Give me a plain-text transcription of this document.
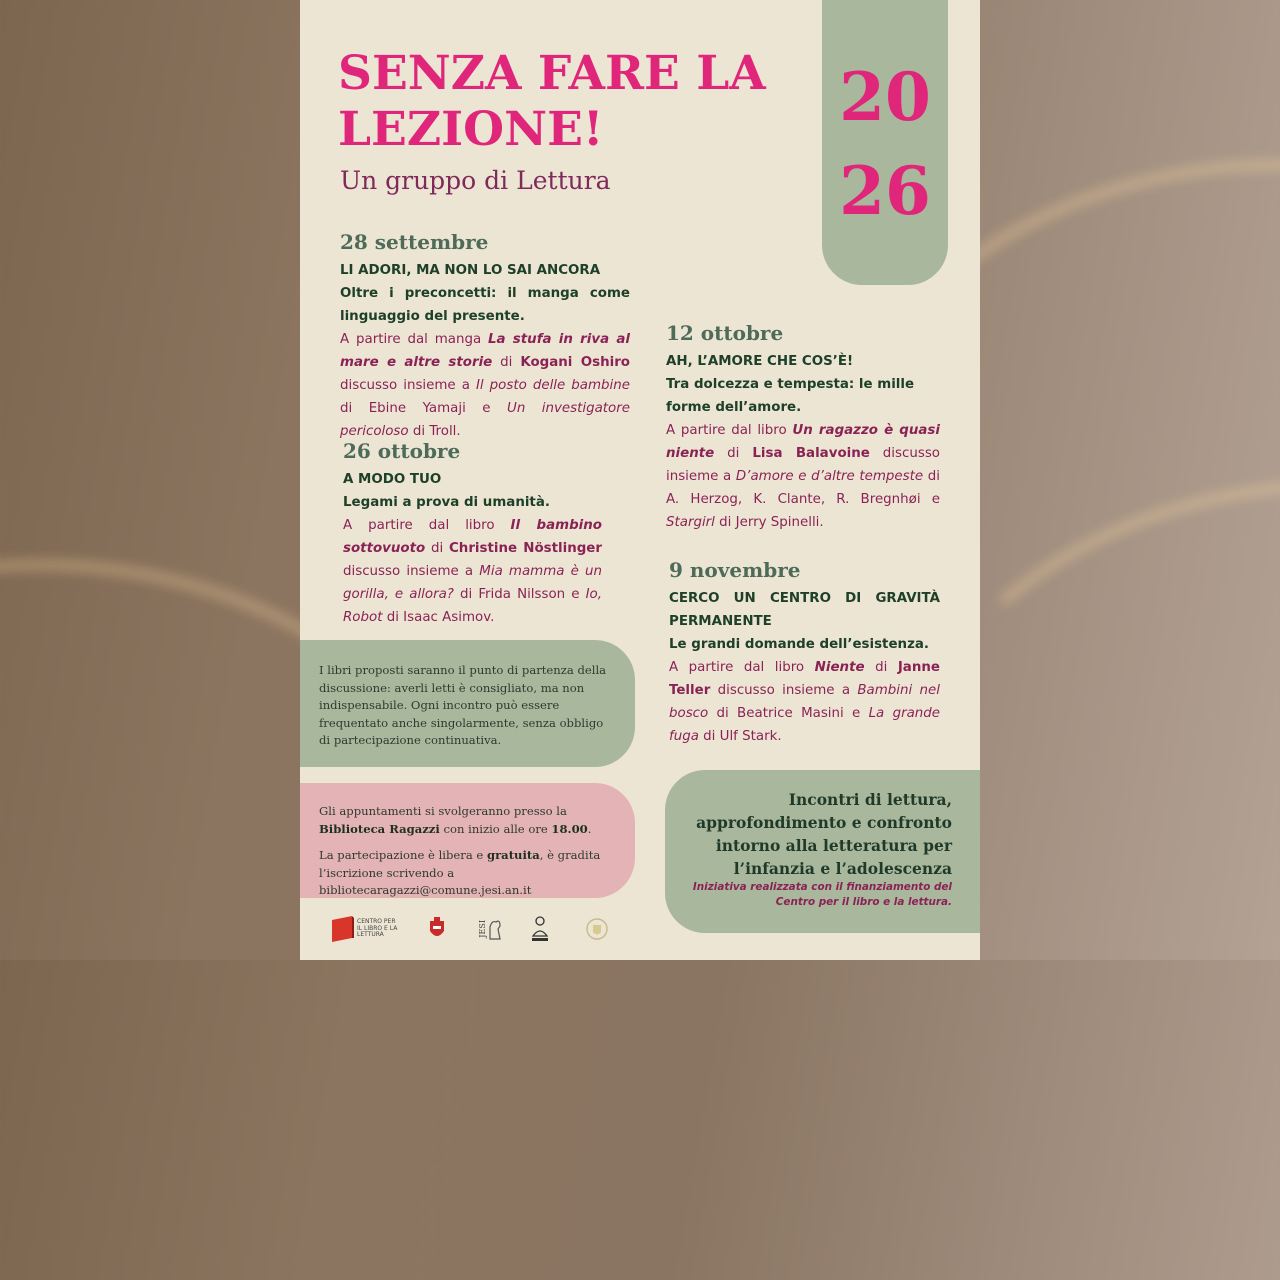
20
26
SENZA FARE LA LEZIONE!
Un gruppo di Lettura
28 settembre
LI ADORI, MA NON LO SAI ANCORA
Oltre i preconcetti: il manga come linguaggio del presente.
A partire dal manga La stufa in riva al mare e altre storie di Kogani Oshiro discusso insieme a Il posto delle bambine di Ebine Yamaji e Un investigatore pericoloso di Troll.
26 ottobre
A MODO TUO
Legami a prova di umanità.
A partire dal libro Il bambino sottovuoto di Christine Nöstlinger discusso insieme a Mia mamma è un gorilla, e allora? di Frida Nilsson e Io, Robot di Isaac Asimov.
12 ottobre
AH, L’AMORE CHE COS’È!
Tra dolcezza e tempesta: le mille forme dell’amore.
A partire dal libro Un ragazzo è quasi niente di Lisa Balavoine discusso insieme a D’amore e d’altre tempeste di A. Herzog, K. Clante, R. Bregnhøi e Stargirl di Jerry Spinelli.
9 novembre
CERCO UN CENTRO DI GRAVITÀ PERMANENTE
Le grandi domande dell’esistenza.
A partire dal libro Niente di Janne Teller discusso insieme a Bambini nel bosco di Beatrice Masini e La grande fuga di Ulf Stark.

I libri proposti saranno il punto di partenza della discussione: averli letti è consigliato, ma non indispensabile. Ogni incontro può essere frequentato anche singolarmente, senza obbligo di partecipazione continuativa.

Gli appuntamenti si svolgeranno presso la Biblioteca Ragazzi con inizio alle ore 18.00.

La partecipazione è libera e gratuita, è gradita l’iscrizione scrivendo a bibliotecaragazzi@comune.jesi.an.it

Incontri di lettura, approfondimento e confronto intorno alla letteratura per l’infanzia e l’adolescenza

Iniziativa realizzata con il finanziamento del Centro per il libro e la lettura.

CENTRO PER IL LIBRO E LA LETTURA	JESI
